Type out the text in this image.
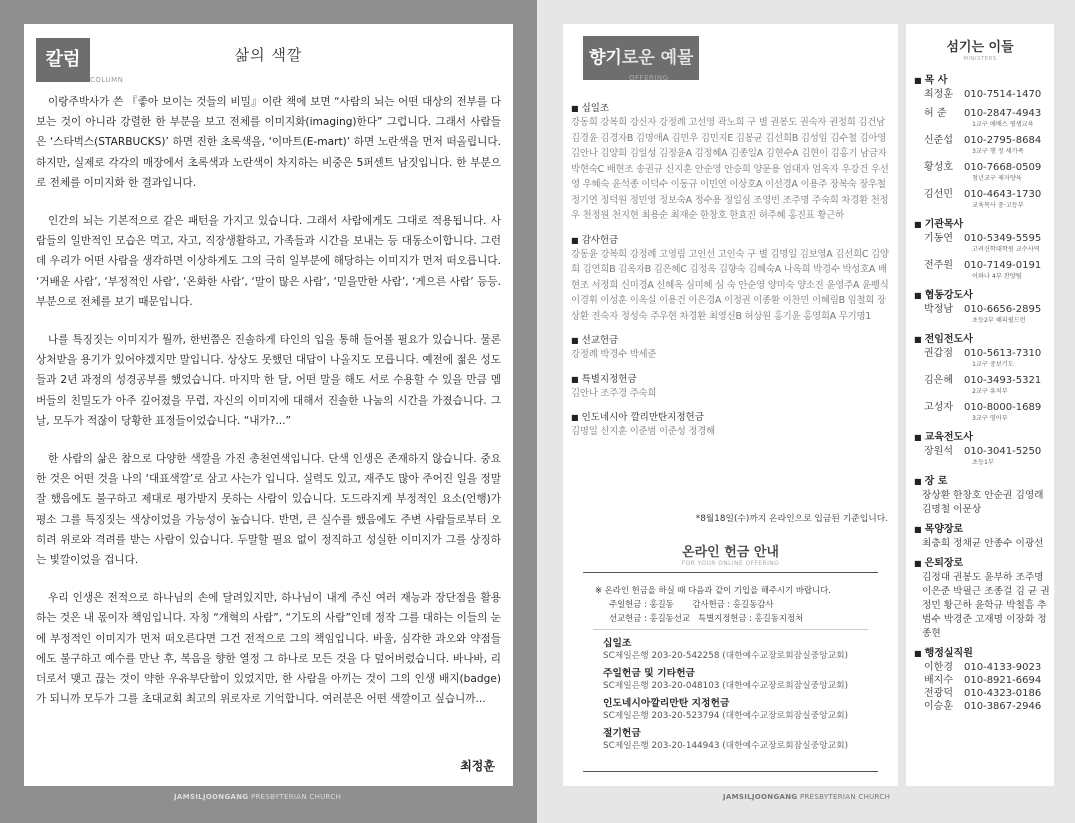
칼럼
COLUMN
삶의 색깔

이랑주박사가 쓴 『좋아 보이는 것들의 비밀』이란 책에 보면 “사람의 뇌는 어떤 대상의 전부를 다 보는 것이 아니라 강렬한 한 부분을 보고 전체를 이미지화(imaging)한다” 그럽니다. 그래서 사람들은 ‘스타벅스(STARBUCKS)’ 하면 진한 초록색을, ‘이마트(E-mart)’ 하면 노란색을 먼저 떠올립니다. 하지만, 실제로 각각의 매장에서 초록색과 노란색이 차지하는 비중은 5퍼센트 남짓입니다. 한 부분으로 전체를 이미지화 한 결과입니다.

인간의 뇌는 기본적으로 같은 패턴을 가지고 있습니다. 그래서 사람에게도 그대로 적용됩니다. 사람들의 일반적인 모습은 먹고, 자고, 직장생활하고, 가족들과 시간을 보내는 등 대동소이합니다. 그런데 우리가 어떤 사람을 생각하면 이상하게도 그의 극히 일부분에 해당하는 이미지가 먼저 떠오릅니다. ‘거배운 사람’, ‘부정적인 사람’, ‘온화한 사람’, ‘말이 많은 사람’, ‘믿을만한 사람’, ‘게으른 사람’ 등등. 부분으로 전체를 보기 때문입니다.

나를 특징짓는 이미지가 뭘까, 한번쯤은 진솔하게 타인의 입을 통해 들어볼 필요가 있습니다. 물론 상처받을 용기가 있어야겠지만 말입니다. 상상도 못했던 대답이 나올지도 모릅니다. 예전에 젊은 성도들과 2년 과정의 성경공부를 했었습니다. 마지막 한 달, 어떤 말을 해도 서로 수용할 수 있을 만큼 멤버들의 친밀도가 아주 깊어졌을 무렵, 자신의 이미지에 대해서 진솔한 나눔의 시간을 가졌습니다. 그날, 모두가 적잖이 당황한 표정들이었습니다. “내가?...”

한 사람의 삶은 참으로 다양한 색깔을 가진 총천연색입니다. 단색 인생은 존재하지 않습니다. 중요한 것은 어떤 것을 나의 ‘대표색깔’로 삼고 사는가 입니다. 실력도 있고, 재주도 많아 주어진 일을 정말 잘 했음에도 불구하고 제대로 평가받지 못하는 사람이 있습니다. 도드라지게 부정적인 요소(언행)가 평소 그를 특징짓는 색상이었을 가능성이 높습니다. 반면, 큰 실수를 했음에도 주변 사람들로부터 오히려 위로와 격려를 받는 사람이 있습니다. 두말할 필요 없이 정직하고 성실한 이미지가 그를 상징하는 빛깔이었을 겁니다.

우리 인생은 전적으로 하나님의 손에 달려있지만, 하나님이 내게 주신 여러 재능과 장단점을 활용하는 것은 내 몫이자 책임입니다. 자칭 “개혁의 사람”, “기도의 사람”인데 정작 그를 대하는 이들의 눈에 부정적인 이미지가 먼저 떠오른다면 그건 전적으로 그의 책임입니다. 바울, 심각한 과오와 약점들에도 불구하고 예수를 만난 후, 복음을 향한 열정 그 하나로 모든 것을 다 덮어버렸습니다. 바나바, 리더로서 맺고 끊는 것이 약한 우유부단함이 있었지만, 한 사람을 아끼는 것이 그의 인생 배지(badge)가 되니까 모두가 그를 초대교회 최고의 위로자로 기억합니다. 여러분은 어떤 색깔이고 싶습니까...

최정훈
JAMSILJOONGANG PRESBYTERIAN CHURCH
향기로운 예물
OFFERING
■ 십일조
강동희 강복희 강신자 강정례 고선영 곽노희 구 별 권봉도 권숙자 권정희 김건남 김경윤 김경자B 김명애A 김민우 김민지E 김봉균 김선희B 김성임 김수철 김아영 김안나 김양희 김일성 김정윤A 김정혜A 김종일A 김현수A 김현이 김홍기 남금자 박현숙C 배현조 송권규 신지훈 안순영 안승희 양문용 엄대자 엄옥자 우강건 우선영 우혜숙 윤석종 이덕수 이동규 이민연 이상호A 이선경A 이용주 장복숙 장우철 정기연 정덕원 정민영 정보숙A 정수용 정일심 조영빈 조주명 주숙희 차경환 천정우 천정원 천지현 최용순 최재순 한창호 한효진 허주혜 홍진표 황근하
■ 감사헌금
강동윤 강복희 강정례 고영림 고인선 고인숙 구 별 김명일 김보영A 김선희C 김양희 김연희B 김옥자B 김은혜C 김정옥 김향숙 김혜숙A 나옥희 박경수 박성호A 배현조 서정희 신미경A 신혜옥 심미혜 심 숙 안순영 양미숙 양소진 윤영주A 윤펭식 이경휘 이성훈 이옥실 이용건 이은경A 이정권 이종환 이찬민 이혜림B 임철희 장상환 전숙자 정성숙 주우현 차경환 최영신B 허상원 홍기윤 홍영희A 무기명1
■ 선교헌금
강정례 박경수 박세준
■ 특별지정헌금
김안나 조주경 주숙희
■ 인도네시아 깔리만탄지정헌금
김명일 신지훈 이준범 이준성 정경해
*8월18일(수)까지 온라인으로 입금된 기준입니다.
온라인 헌금 안내
FOR YOUR ONLINE OFFERING
※ 온라인 헌금을 하실 때 다음과 같이 기입을 해주시기 바랍니다.
주일헌금 : 홍길동       감사헌금 : 홍길동감사
선교헌금 : 홍길동선교   특별지정헌금 : 홍길동지정처
십일조
SC제일은행 203-20-542258 (대한예수교장로회잠실중앙교회)
주일헌금 및 기타헌금
SC제일은행 203-20-048103 (대한예수교장로회잠실중앙교회)
인도네시아깔리만탄 지정헌금
SC제일은행 203-20-523794 (대한예수교장로회잠실중앙교회)
절기헌금
SC제일은행 203-20-144943 (대한예수교장로회잠실중앙교회)
섬기는 이들
MINISTERS
■ 목 사
최정훈	010-7514-1470
허 준	010-2847-4943
1교구 애배스 평생교육
신준섭	010-2795-8684
3교구 행 정 새가족
황성호	010-7668-0509
청년교구 제자양육
김선민	010-4643-1730
교육목사 중·고등부
■ 기관목사
기동연	010-5349-5595
고려신학대학원 교수사역
전주원	010-7149-0191
어와나 4부 찬양팀
■ 협동강도사
박정남	010-6656-2895
초등2부 해피필드런
■ 전임전도사
권갑점	010-5613-7310
1교구 중보기도
김은혜	010-3493-5321
2교구 유치부
고성자	010-8000-1689
3교구 영아부
■ 교육전도사
장원석	010-3041-5250
초등1부
■ 장 로
장상환 한창호 안순권 김영래 김명철 이문상
■ 목양장로
최충희 정채균 안종수 이광선
■ 은퇴장로
김정대 권봉도 윤부하 조주명 이은준 박필근 조종걸 김 균 권정민 황근하 윤학규 박철흠 추범수 박경준 고재명 이장화 정종현
■ 행정실직원
이한경	010-4133-9023
배지수	010-8921-6694
전광덕	010-4323-0186
이승훈	010-3867-2946
JAMSILJOONGANG PRESBYTERIAN CHURCH
